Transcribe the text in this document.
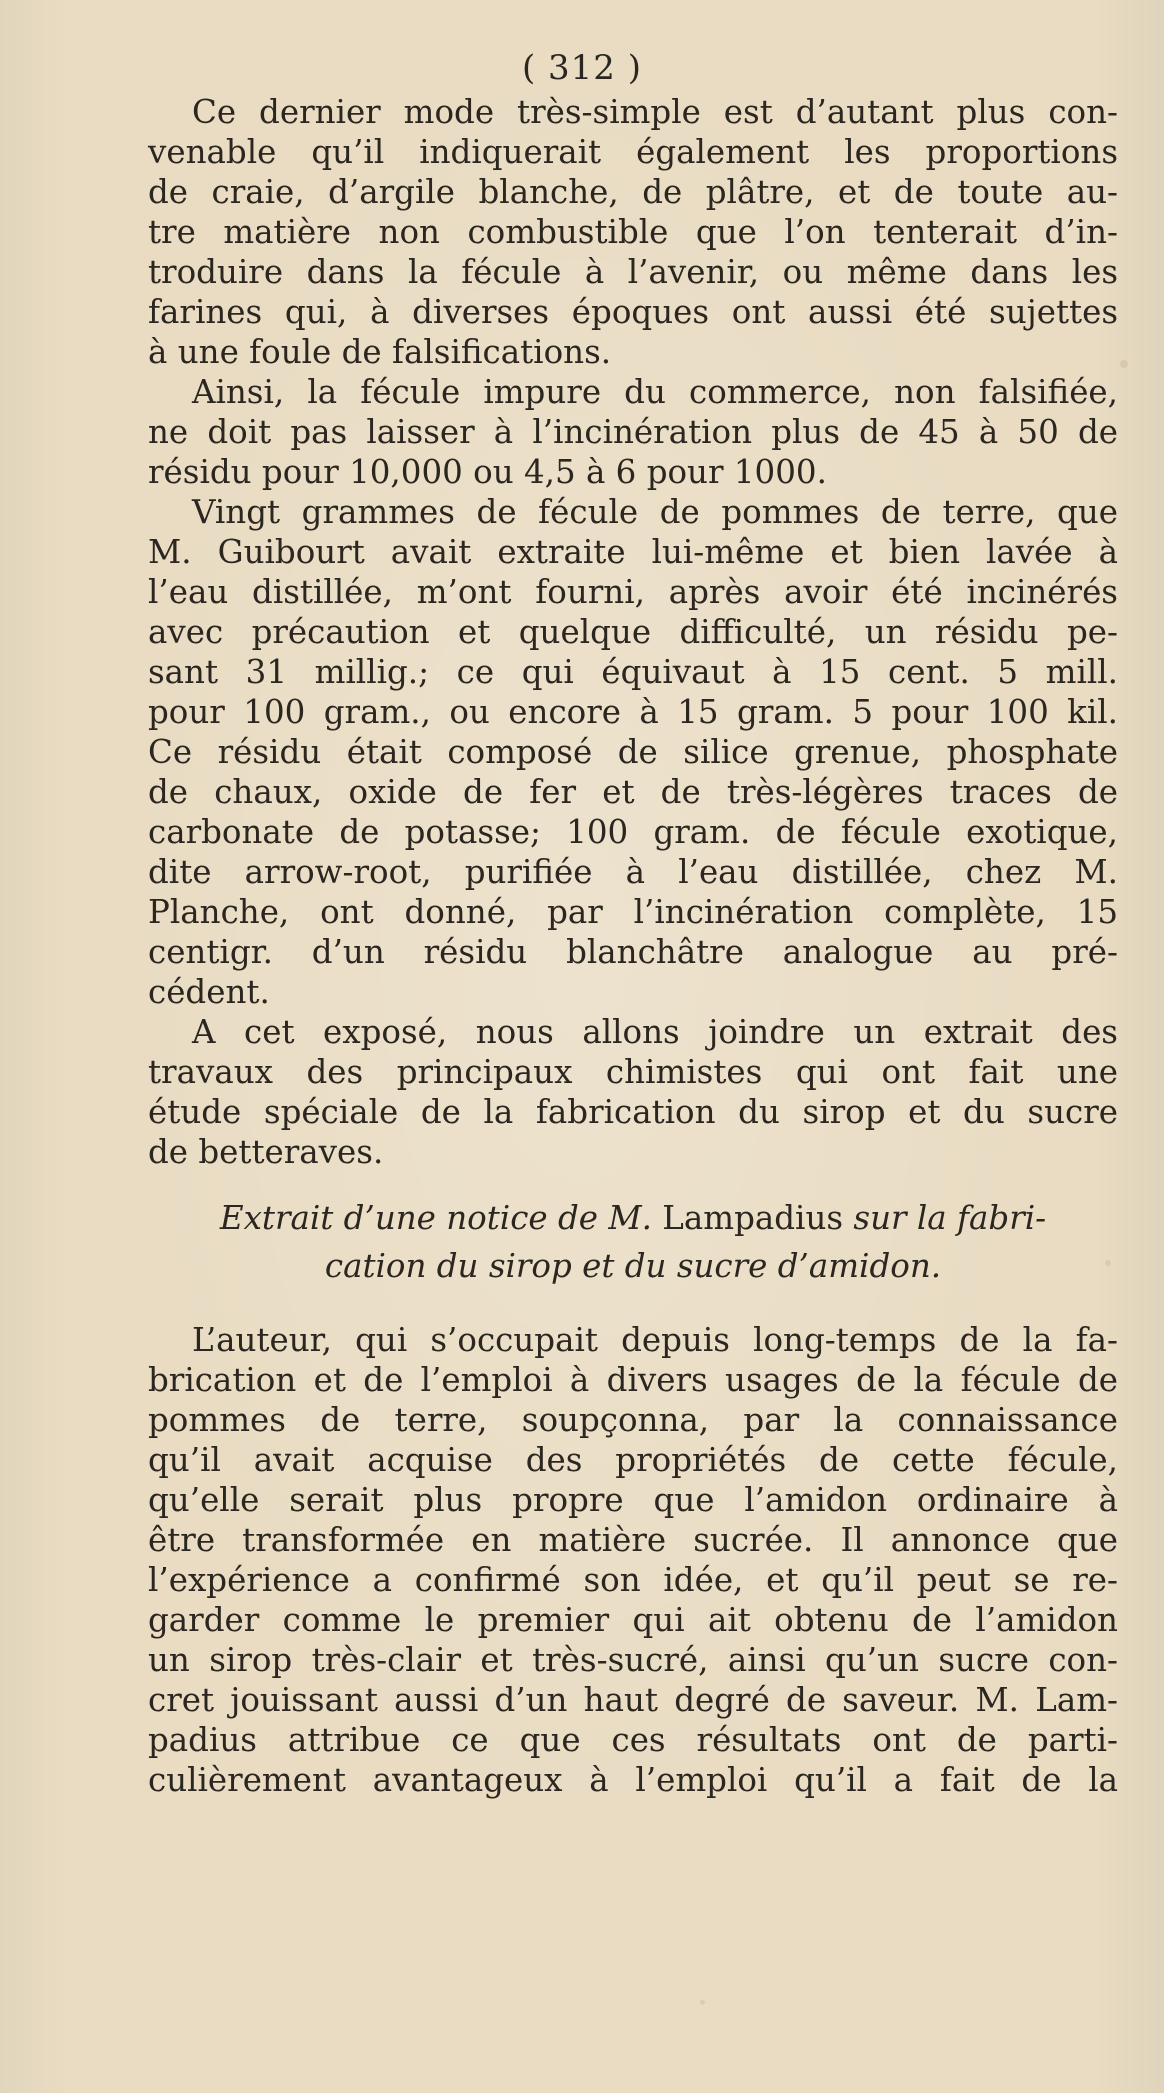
( 312 )
Ce dernier mode très-simple est d’autant plus con-
venable qu’il indiquerait également les proportions
de craie, d’argile blanche, de plâtre, et de toute au-
tre matière non combustible que l’on tenterait d’in-
troduire dans la fécule à l’avenir, ou même dans les
farines qui, à diverses époques ont aussi été sujettes
à une foule de falsifications.
Ainsi, la fécule impure du commerce, non falsifiée,
ne doit pas laisser à l’incinération plus de 45 à 50 de
résidu pour 10,000 ou 4,5 à 6 pour 1000.
Vingt grammes de fécule de pommes de terre, que
M. Guibourt avait extraite lui-même et bien lavée à
l’eau distillée, m’ont fourni, après avoir été incinérés
avec précaution et quelque difficulté, un résidu pe-
sant 31 millig.; ce qui équivaut à 15 cent. 5 mill.
pour 100 gram., ou encore à 15 gram. 5 pour 100 kil.
Ce résidu était composé de silice grenue, phosphate
de chaux, oxide de fer et de très-légères traces de
carbonate de potasse; 100 gram. de fécule exotique,
dite arrow-root, purifiée à l’eau distillée, chez M.
Planche, ont donné, par l’incinération complète, 15
centigr. d’un résidu blanchâtre analogue au pré-
cédent.
A cet exposé, nous allons joindre un extrait des
travaux des principaux chimistes qui ont fait une
étude spéciale de la fabrication du sirop et du sucre
de betteraves.
Extrait d’une notice de M. Lampadius sur la fabri-
cation du sirop et du sucre d’amidon.
L’auteur, qui s’occupait depuis long-temps de la fa-
brication et de l’emploi à divers usages de la fécule de
pommes de terre, soupçonna, par la connaissance
qu’il avait acquise des propriétés de cette fécule,
qu’elle serait plus propre que l’amidon ordinaire à
être transformée en matière sucrée. Il annonce que
l’expérience a confirmé son idée, et qu’il peut se re-
garder comme le premier qui ait obtenu de l’amidon
un sirop très-clair et très-sucré, ainsi qu’un sucre con-
cret jouissant aussi d’un haut degré de saveur. M. Lam-
padius attribue ce que ces résultats ont de parti-
culièrement avantageux à l’emploi qu’il a fait de la
